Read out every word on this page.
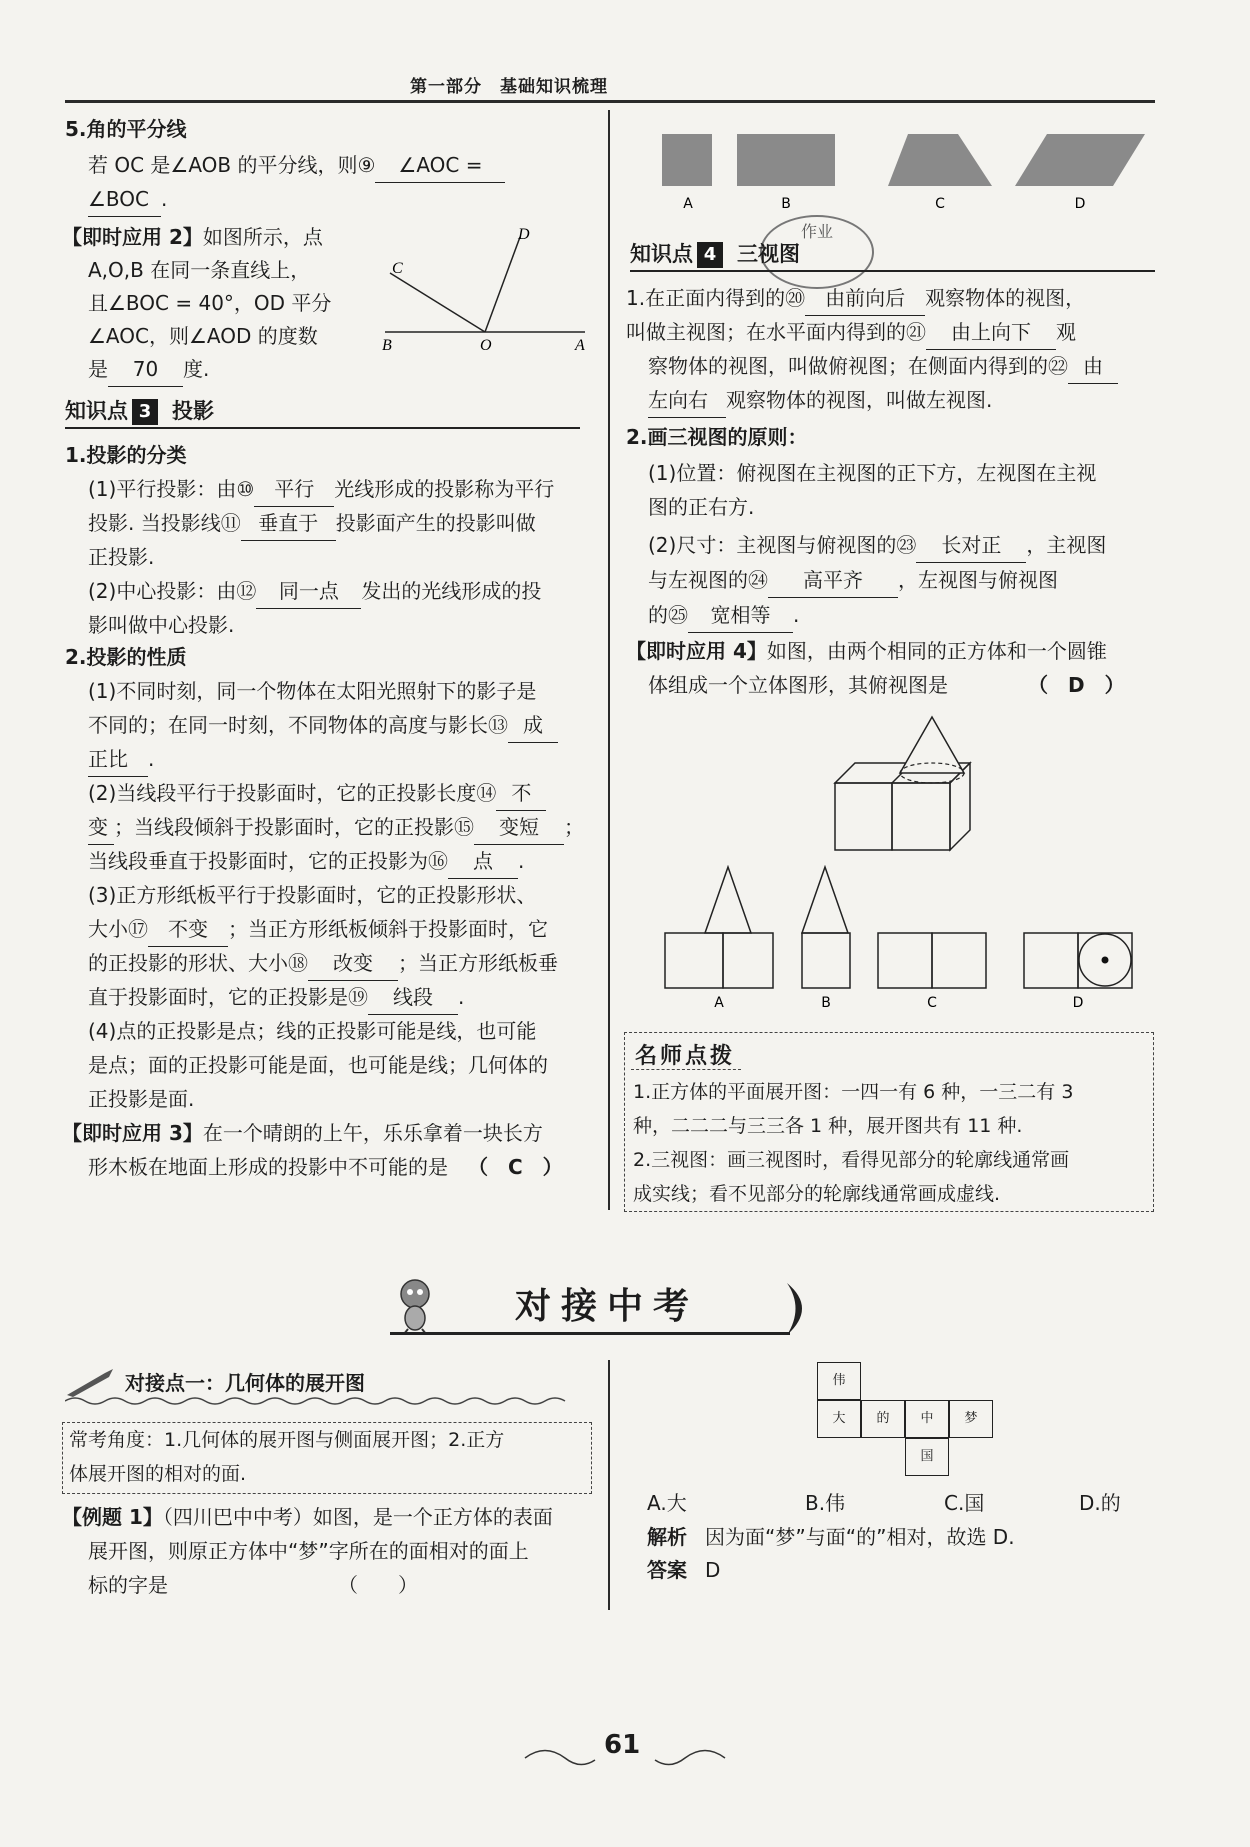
第一部分　基础知识梳理
5.角的平分线
若 OC 是∠AOB 的平分线，则⑨ ∠AOC =
∠BOC .
【即时应用 2】如图所示，点
A,O,B 在同一条直线上，
且∠BOC = 40°，OD 平分
∠AOC，则∠AOD 的度数
是 70 度.
C
D
B	O	A
知识点 3 投影
1.投影的分类
(1)平行投影：由⑩ 平行 光线形成的投影称为平行
投影. 当投影线⑪ 垂直于 投影面产生的投影叫做
正投影.
(2)中心投影：由⑫ 同一点 发出的光线形成的投
影叫做中心投影.
2.投影的性质
(1)不同时刻，同一个物体在太阳光照射下的影子是
不同的；在同一时刻，不同物体的高度与影长⑬ 成
正比 .
(2)当线段平行于投影面时，它的正投影长度⑭ 不
变 ；当线段倾斜于投影面时，它的正投影⑮ 变短 ；
当线段垂直于投影面时，它的正投影为⑯ 点 .
(3)正方形纸板平行于投影面时，它的正投影形状、
大小⑰ 不变 ；当正方形纸板倾斜于投影面时，它
的正投影的形状、大小⑱ 改变 ；当正方形纸板垂
直于投影面时，它的正投影是⑲ 线段 .
(4)点的正投影是点；线的正投影可能是线，也可能
是点；面的正投影可能是面，也可能是线；几何体的
正投影是面.
【即时应用 3】在一个晴朗的上午，乐乐拿着一块长方
形木板在地面上形成的投影中不可能的是 （　C　）
A	B	C	D
作业
知识点 4 三视图
1.在正面内得到的⑳ 由前向后 观察物体的视图，
叫做主视图；在水平面内得到的㉑ 由上向下 观
察物体的视图，叫做俯视图；在侧面内得到的㉒ 由
左向右 观察物体的视图，叫做左视图.
2.画三视图的原则：
(1)位置：俯视图在主视图的正下方，左视图在主视
图的正右方.
(2)尺寸：主视图与俯视图的㉓ 长对正 ，主视图
与左视图的㉔ 高平齐 ，左视图与俯视图
的㉕ 宽相等 .
【即时应用 4】如图，由两个相同的正方体和一个圆锥
体组成一个立体图形，其俯视图是	（　D　）
A	B	C	D
名师点拨
1.正方体的平面展开图：一四一有 6 种，一三二有 3
种，二二二与三三各 1 种，展开图共有 11 种.
2.三视图：画三视图时，看得见部分的轮廓线通常画
成实线；看不见部分的轮廓线通常画成虚线.
对接中考
对接点一：几何体的展开图
常考角度：1.几何体的展开图与侧面展开图；2.正方
体展开图的相对的面.
【例题 1】（四川巴中中考）如图，是一个正方体的表面
展开图，则原正方体中“梦”字所在的面相对的面上
标的字是	（　　）
伟
大	的	中	梦
国
A.大	B.伟	C.国	D.的
解析 因为面“梦”与面“的”相对，故选 D.
答案 D
61
